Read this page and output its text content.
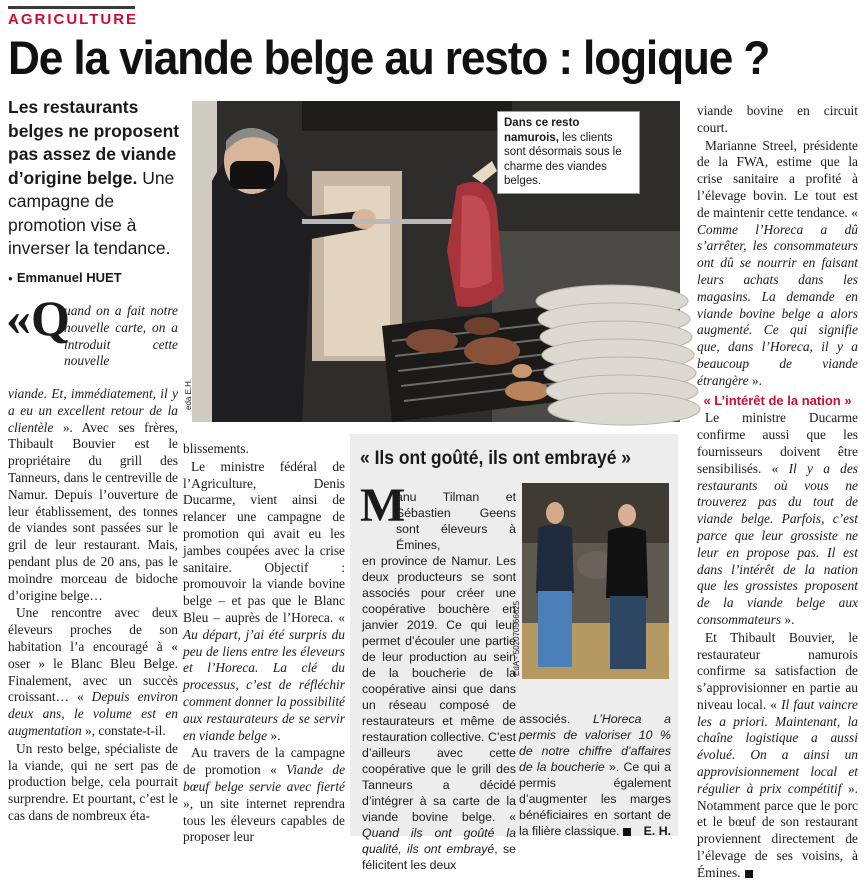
AGRICULTURE
De la viande belge au resto : logique ?
Les restaurants belges ne proposent pas assez de viande d’origine belge. Une campagne de promotion vise à inverser la tendance.
● Emmanuel HUET
«Q
uand on a fait notre nouvelle carte, on a introduit cette nouvelle

viande. Et, immédiatement, il y a eu un excellent retour de la clientèle ». Avec ses frères, Thibault Bouvier est le propriétaire du grill des Tanneurs, dans le centreville de Namur. Depuis l’ouverture de leur établissement, des tonnes de viandes sont passées sur le gril de leur restaurant. Mais, pendant plus de 20 ans, pas le moindre morceau de bidoche d’origine belge…

Une rencontre avec deux éleveurs proches de son habitation l’a encouragé à « oser » le Blanc Bleu Belge. Finalement, avec un succès croissant… « Depuis environ deux ans, le volume est en augmentation », constate-t-il.

Un resto belge, spécialiste de la viande, qui ne sert pas de production belge, cela pourrait surprendre. Et pourtant, c’est le cas dans de nombreux éta-

blissements.

Le ministre fédéral de l’Agriculture, Denis Ducarme, vient ainsi de relancer une campagne de promotion qui avait eu les jambes coupées avec la crise sanitaire. Objectif : promouvoir la viande bovine belge – et pas que le Blanc Bleu – auprès de l’Horeca. « Au départ, j’ai été surpris du peu de liens entre les éleveurs et l’Horeca. La clé du processus, c’est de réfléchir comment donner la possibilité aux restaurateurs de se servir en viande belge ».

Au travers de la campagne de promotion « Viande de bœuf belge servie avec fierté », un site internet reprendra tous les éleveurs capables de proposer leur

eda E.H.
Dans ce resto namurois, les clients sont désormais sous le charme des viandes belges.
« Ils ont goûté, ils ont embrayé »
M
anu Tilman et Sébastien Geens sont éleveurs à Émines,
en province de Namur. Les deux producteurs se sont associés pour créer une coopérative bouchère en janvier 2019. Ce qui leur permet d’écouler une partie de leur production au sein de la boucherie de la coopérative ainsi que dans un réseau composé de restaurateurs et même de restauration collective. C’est d’ailleurs avec cette coopérative que le grill des Tanneurs a décidé d’intégrer à sa carte de la viande bovine belge. « Quand ils ont goûté la qualité, ils ont embrayé, se félicitent les deux
EdA - 502070566625
associés. L’Horeca a permis de valoriser 10 % de notre chiffre d’affaires de la boucherie ». Ce qui a permis également d’augmenter les marges bénéficiaires en sortant de la filière classique. E. H.

viande bovine en circuit court.

Marianne Streel, présidente de la FWA, estime que la crise sanitaire a profité à l’élevage bovin. Le tout est de maintenir cette tendance. « Comme l’Horeca a dû s’arrêter, les consommateurs ont dû se nourrir en faisant leurs achats dans les magasins. La demande en viande bovine belge a alors augmenté. Ce qui signifie que, dans l’Horeca, il y a beaucoup de viande étrangère ».

« L’intérêt de la nation »

Le ministre Ducarme confirme aussi que les fournisseurs doivent être sensibilisés. « Il y a des restaurants où vous ne trouverez pas du tout de viande belge. Parfois, c’est parce que leur grossiste ne leur en propose pas. Il est dans l’intérêt de la nation que les grossistes proposent de la viande belge aux consommateurs ».

Et Thibault Bouvier, le restaurateur namurois confirme sa satisfaction de s’approvisionner en partie au niveau local. « Il faut vaincre les a priori. Maintenant, la chaîne logistique a aussi évolué. On a ainsi un approvisionnement local et régulier à prix compétitif ». Notamment parce que le porc et le bœuf de son restaurant proviennent directement de l’élevage de ses voisins, à Émines.
